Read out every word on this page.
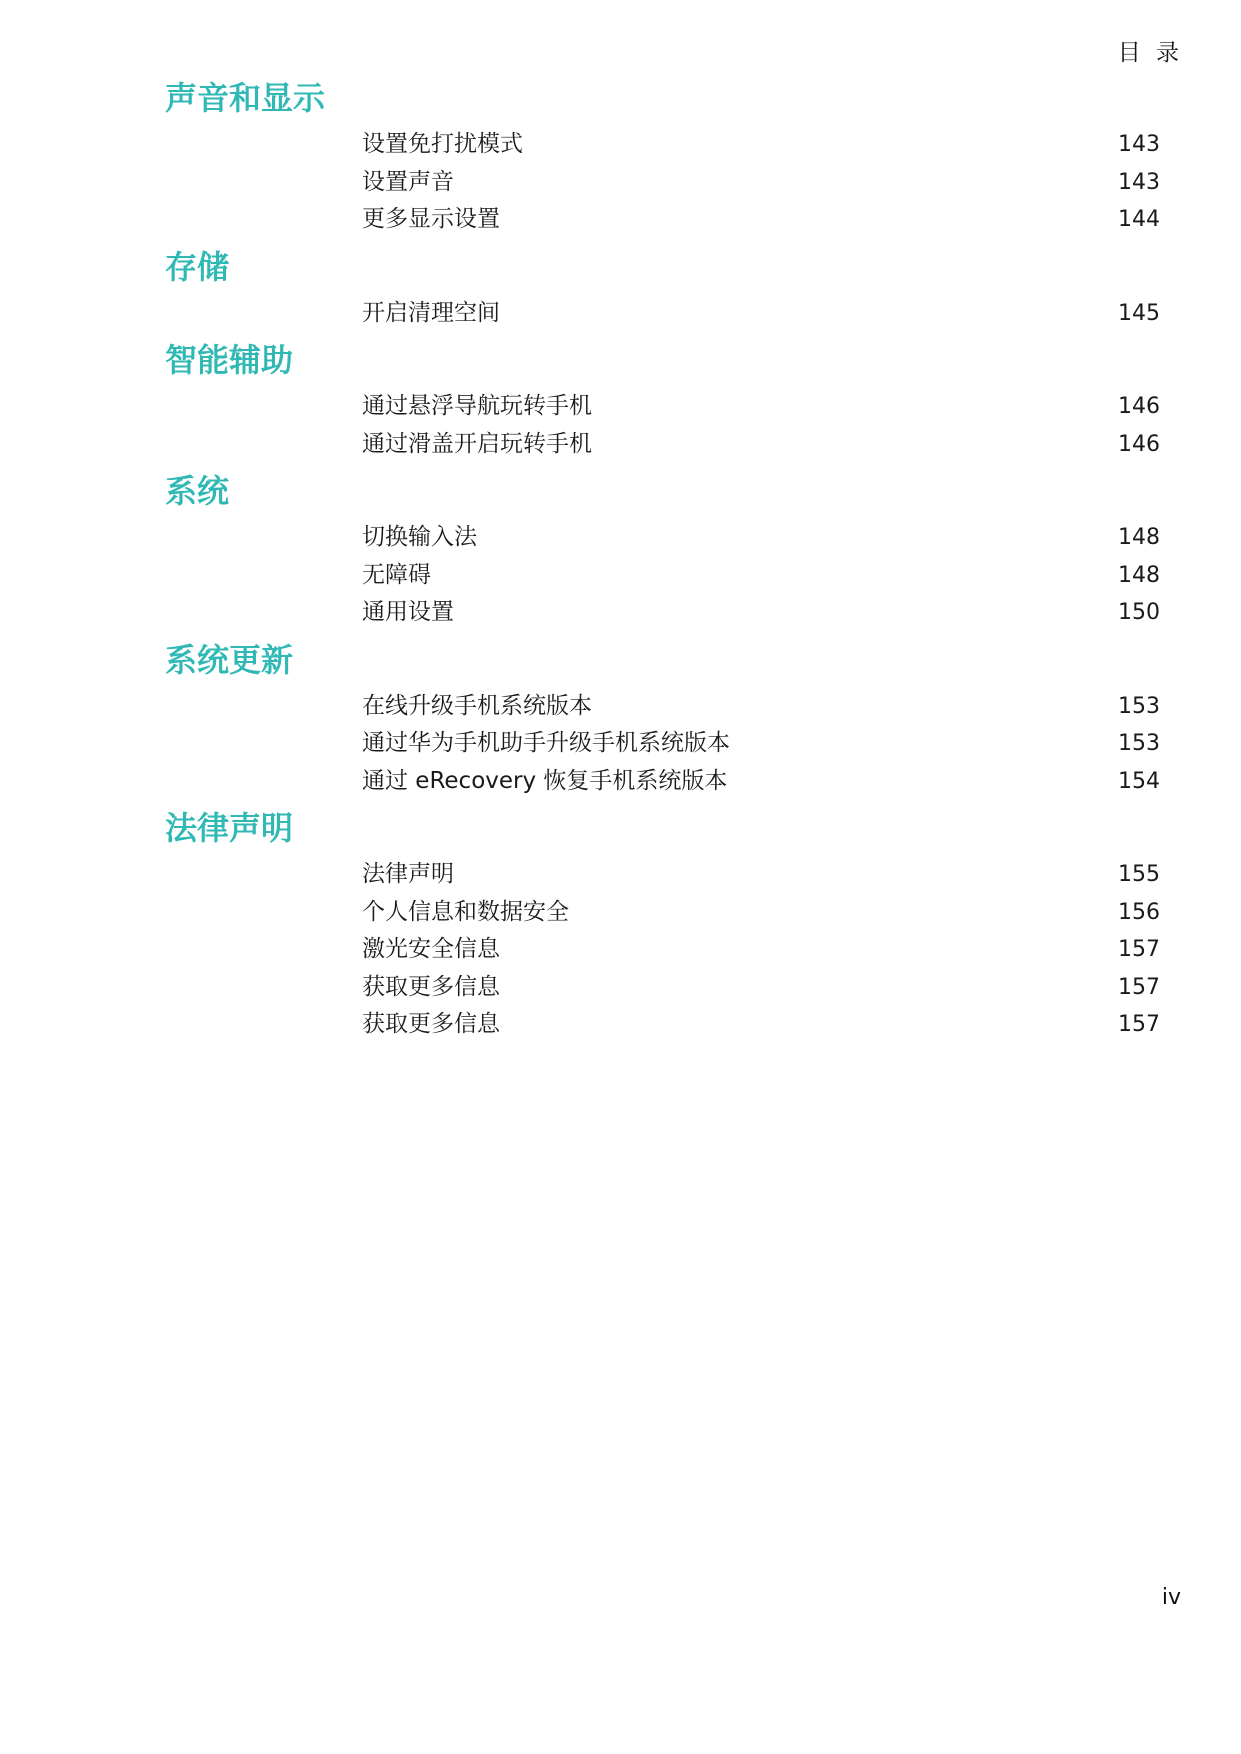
目 录
声音和显示
设置免打扰模式	143
设置声音	143
更多显示设置	144
存储
开启清理空间	145
智能辅助
通过悬浮导航玩转手机	146
通过滑盖开启玩转手机	146
系统
切换输入法	148
无障碍	148
通用设置	150
系统更新
在线升级手机系统版本	153
通过华为手机助手升级手机系统版本	153
通过 eRecovery 恢复手机系统版本	154
法律声明
法律声明	155
个人信息和数据安全	156
激光安全信息	157
获取更多信息	157
获取更多信息	157
iv
